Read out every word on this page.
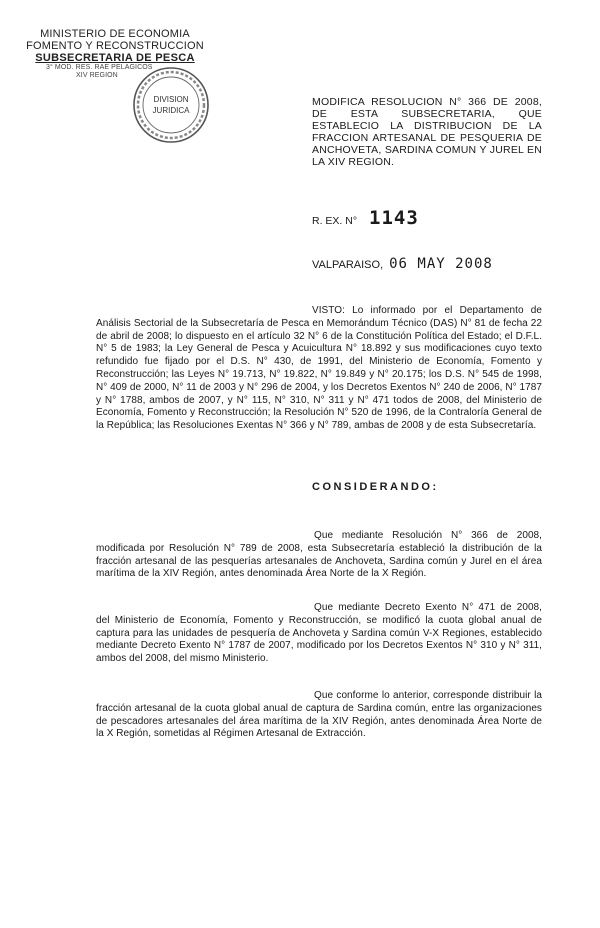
MINISTERIO DE ECONOMIA
FOMENTO Y RECONSTRUCCION
SUBSECRETARIA DE PESCA
3° MOD. RES. RAE PELAGICOS
XIV REGION
DIVISION
JURIDICA
MODIFICA RESOLUCION N° 366 DE 2008, DE ESTA SUBSECRETARIA, QUE ESTABLECIO LA DISTRIBUCION DE LA FRACCION ARTESANAL DE PESQUERIA DE ANCHOVETA, SARDINA COMUN Y JUREL EN LA XIV REGION.
R. EX. N° 1143
VALPARAISO, 06 MAY 2008
VISTO: Lo informado por el Departamento de Análisis Sectorial de la Subsecretaría de Pesca en Memorándum Técnico (DAS) N° 81 de fecha 22 de abril de 2008; lo dispuesto en el artículo 32 N° 6 de la Constitución Política del Estado; el D.F.L. N° 5 de 1983; la Ley General de Pesca y Acuicultura N° 18.892 y sus modificaciones cuyo texto refundido fue fijado por el D.S. N° 430, de 1991, del Ministerio de Economía, Fomento y Reconstrucción; las Leyes N° 19.713, N° 19.822, N° 19.849 y N° 20.175; los D.S. N° 545 de 1998, N° 409 de 2000, N° 11 de 2003 y N° 296 de 2004, y los Decretos Exentos N° 240 de 2006, N° 1787 y N° 1788, ambos de 2007, y N° 115, N° 310, N° 311 y N° 471 todos de 2008, del Ministerio de Economía, Fomento y Reconstrucción; la Resolución N° 520 de 1996, de la Contraloría General de la República; las Resoluciones Exentas N° 366 y N° 789, ambas de 2008 y de esta Subsecretaría.
CONSIDERANDO:
Que mediante Resolución N° 366 de 2008, modificada por Resolución N° 789 de 2008, esta Subsecretaría estableció la distribución de la fracción artesanal de las pesquerías artesanales de Anchoveta, Sardina común y Jurel en el área marítima de la XIV Región, antes denominada Área Norte de la X Región.
Que mediante Decreto Exento N° 471 de 2008, del Ministerio de Economía, Fomento y Reconstrucción, se modificó la cuota global anual de captura para las unidades de pesquería de Anchoveta y Sardina común V-X Regiones, establecido mediante Decreto Exento N° 1787 de 2007, modificado por los Decretos Exentos N° 310 y N° 311, ambos del 2008, del mismo Ministerio.
Que conforme lo anterior, corresponde distribuir la fracción artesanal de la cuota global anual de captura de Sardina común, entre las organizaciones de pescadores artesanales del área marítima de la XIV Región, antes denominada Área Norte de la X Región, sometidas al Régimen Artesanal de Extracción.
